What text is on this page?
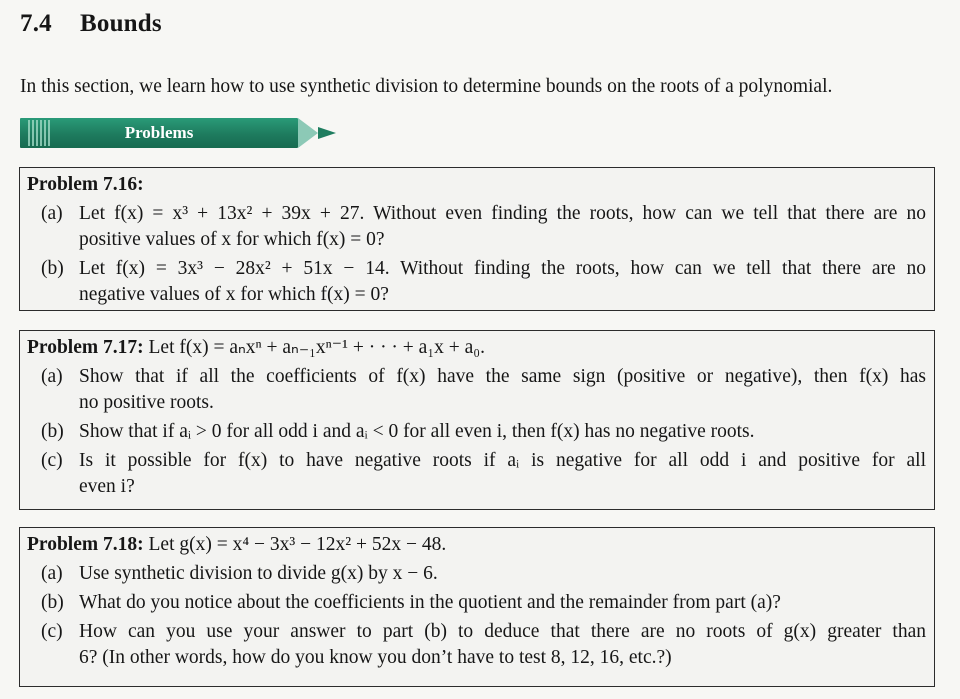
7.4 Bounds
In this section, we learn how to use synthetic division to determine bounds on the roots of a polynomial.
Problems
Problem 7.16:
(a) Let f(x) = x³ + 13x² + 39x + 27. Without even finding the roots, how can we tell that there are no
positive values of x for which f(x) = 0?
(b) Let f(x) = 3x³ − 28x² + 51x − 14. Without finding the roots, how can we tell that there are no
negative values of x for which f(x) = 0?
Problem 7.17: Let f(x) = aₙxⁿ + aₙ₋₁xⁿ⁻¹ + · · · + a₁x + a₀.
(a) Show that if all the coefficients of f(x) have the same sign (positive or negative), then f(x) has
no positive roots.
(b) Show that if aᵢ > 0 for all odd i and aᵢ < 0 for all even i, then f(x) has no negative roots.
(c) Is it possible for f(x) to have negative roots if aᵢ is negative for all odd i and positive for all
even i?
Problem 7.18: Let g(x) = x⁴ − 3x³ − 12x² + 52x − 48.
(a) Use synthetic division to divide g(x) by x − 6.
(b) What do you notice about the coefficients in the quotient and the remainder from part (a)?
(c) How can you use your answer to part (b) to deduce that there are no roots of g(x) greater than
6? (In other words, how do you know you don’t have to test 8, 12, 16, etc.?)
